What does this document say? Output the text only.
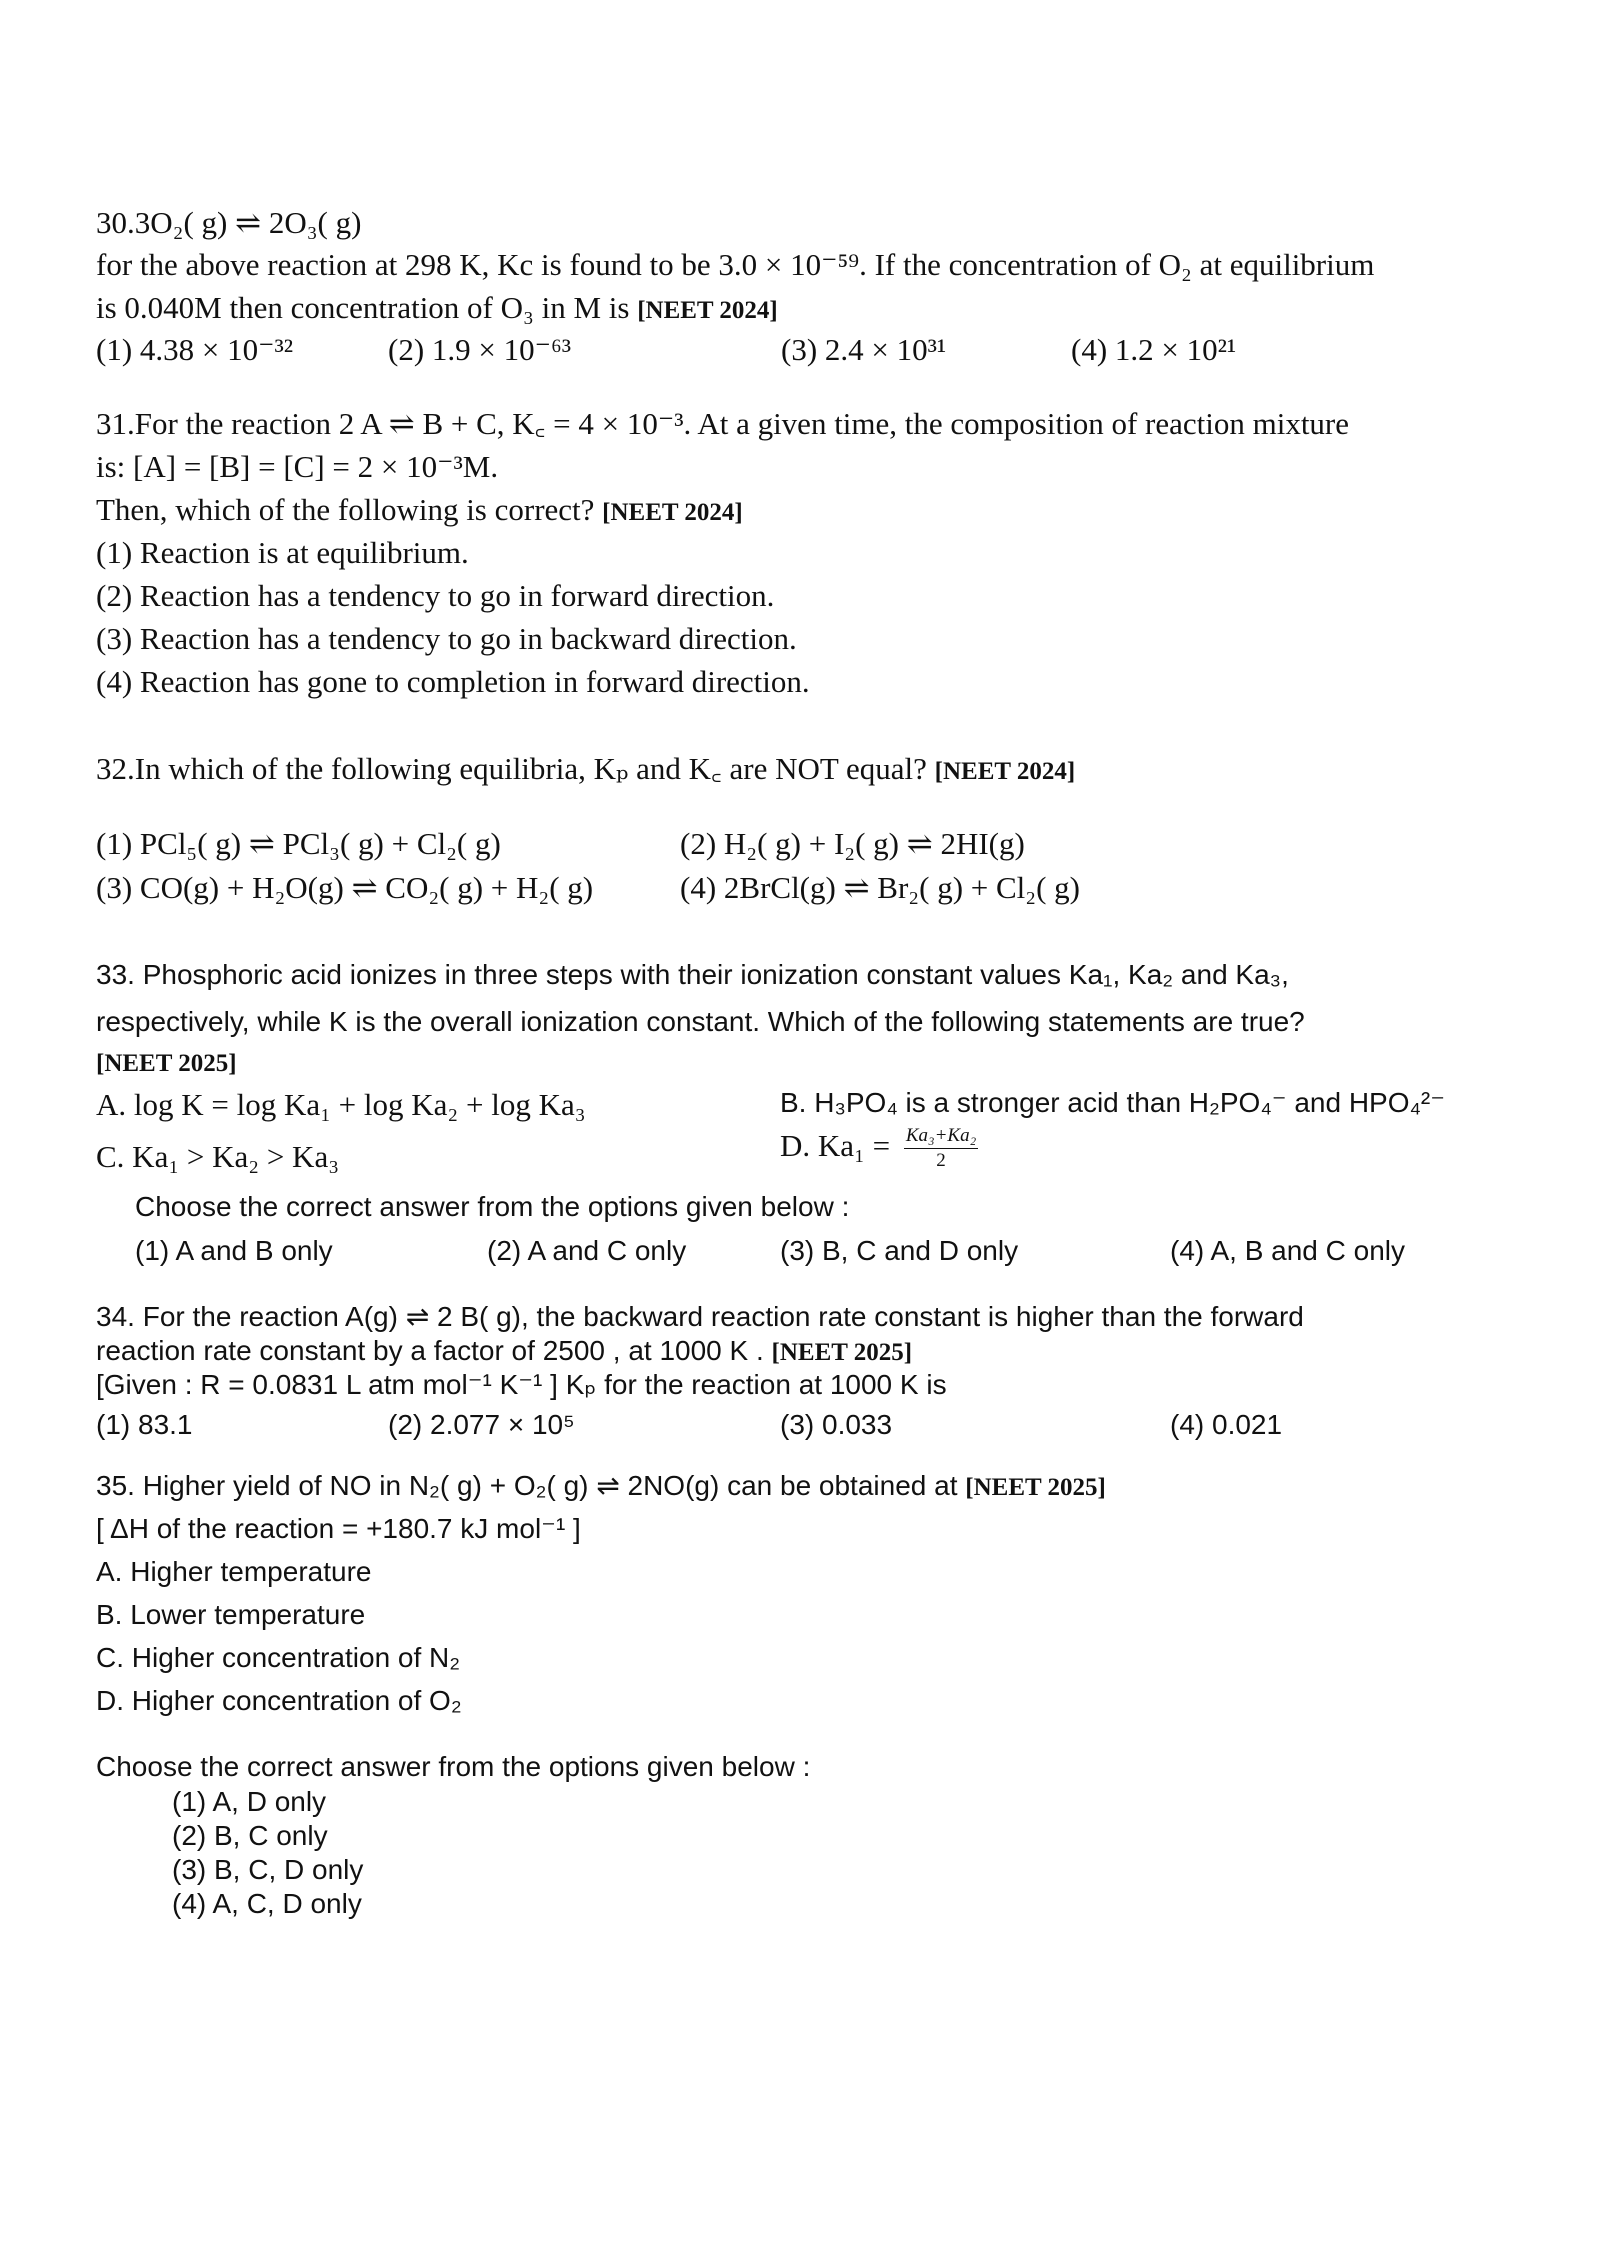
30.3O₂( g) ⇌ 2O₃( g)
for the above reaction at 298 K, Kc is found to be 3.0 × 10⁻⁵⁹. If the concentration of O₂ at equilibrium
is 0.040M then concentration of O₃ in M is [NEET 2024]
(1) 4.38 × 10⁻³²	(2) 1.9 × 10⁻⁶³	(3) 2.4 × 10³¹	(4) 1.2 × 10²¹
31.For the reaction 2 A ⇌ B + C, K꜀ = 4 × 10⁻³. At a given time, the composition of reaction mixture
is: [A] = [B] = [C] = 2 × 10⁻³M.
Then, which of the following is correct? [NEET 2024]
(1) Reaction is at equilibrium.
(2) Reaction has a tendency to go in forward direction.
(3) Reaction has a tendency to go in backward direction.
(4) Reaction has gone to completion in forward direction.
32.In which of the following equilibria, Kₚ and K꜀ are NOT equal? [NEET 2024]
(1) PCl₅( g) ⇌ PCl₃( g) + Cl₂( g)	(2) H₂( g) + I₂( g) ⇌ 2HI(g)
(3) CO(g) + H₂O(g) ⇌ CO₂( g) + H₂( g)	(4) 2BrCl(g) ⇌ Br₂( g) + Cl₂( g)
33. Phosphoric acid ionizes in three steps with their ionization constant values Ka₁, Ka₂ and Ka₃,
respectively, while K is the overall ionization constant. Which of the following statements are true?
[NEET 2025]
A. log K = log Ka₁ + log Ka₂ + log Ka₃	B. H₃PO₄ is a stronger acid than H₂PO₄⁻ and HPO₄²⁻
C. Ka₁ > Ka₂ > Ka₃	D. $Ka_1 = \frac{\text{Ka₃+Ka₂}}{2}$
Choose the correct answer from the options given below :
(1) A and B only	(2) A and C only	(3) B, C and D only	(4) A, B and C only
34. For the reaction A(g) ⇌ 2 B( g), the backward reaction rate constant is higher than the forward
reaction rate constant by a factor of 2500 , at 1000 K . [NEET 2025]
[Given : R = 0.0831 L atm mol⁻¹ K⁻¹ ] Kₚ for the reaction at 1000 K is
(1) 83.1	(2) 2.077 × 10⁵	(3) 0.033	(4) 0.021
35. Higher yield of NO in N₂( g) + O₂( g) ⇌ 2NO(g) can be obtained at [NEET 2025]
[ ΔH of the reaction = +180.7 kJ mol⁻¹ ]
A. Higher temperature
B. Lower temperature
C. Higher concentration of N₂
D. Higher concentration of O₂
Choose the correct answer from the options given below :
(1) A, D only
(2) B, C only
(3) B, C, D only
(4) A, C, D only
